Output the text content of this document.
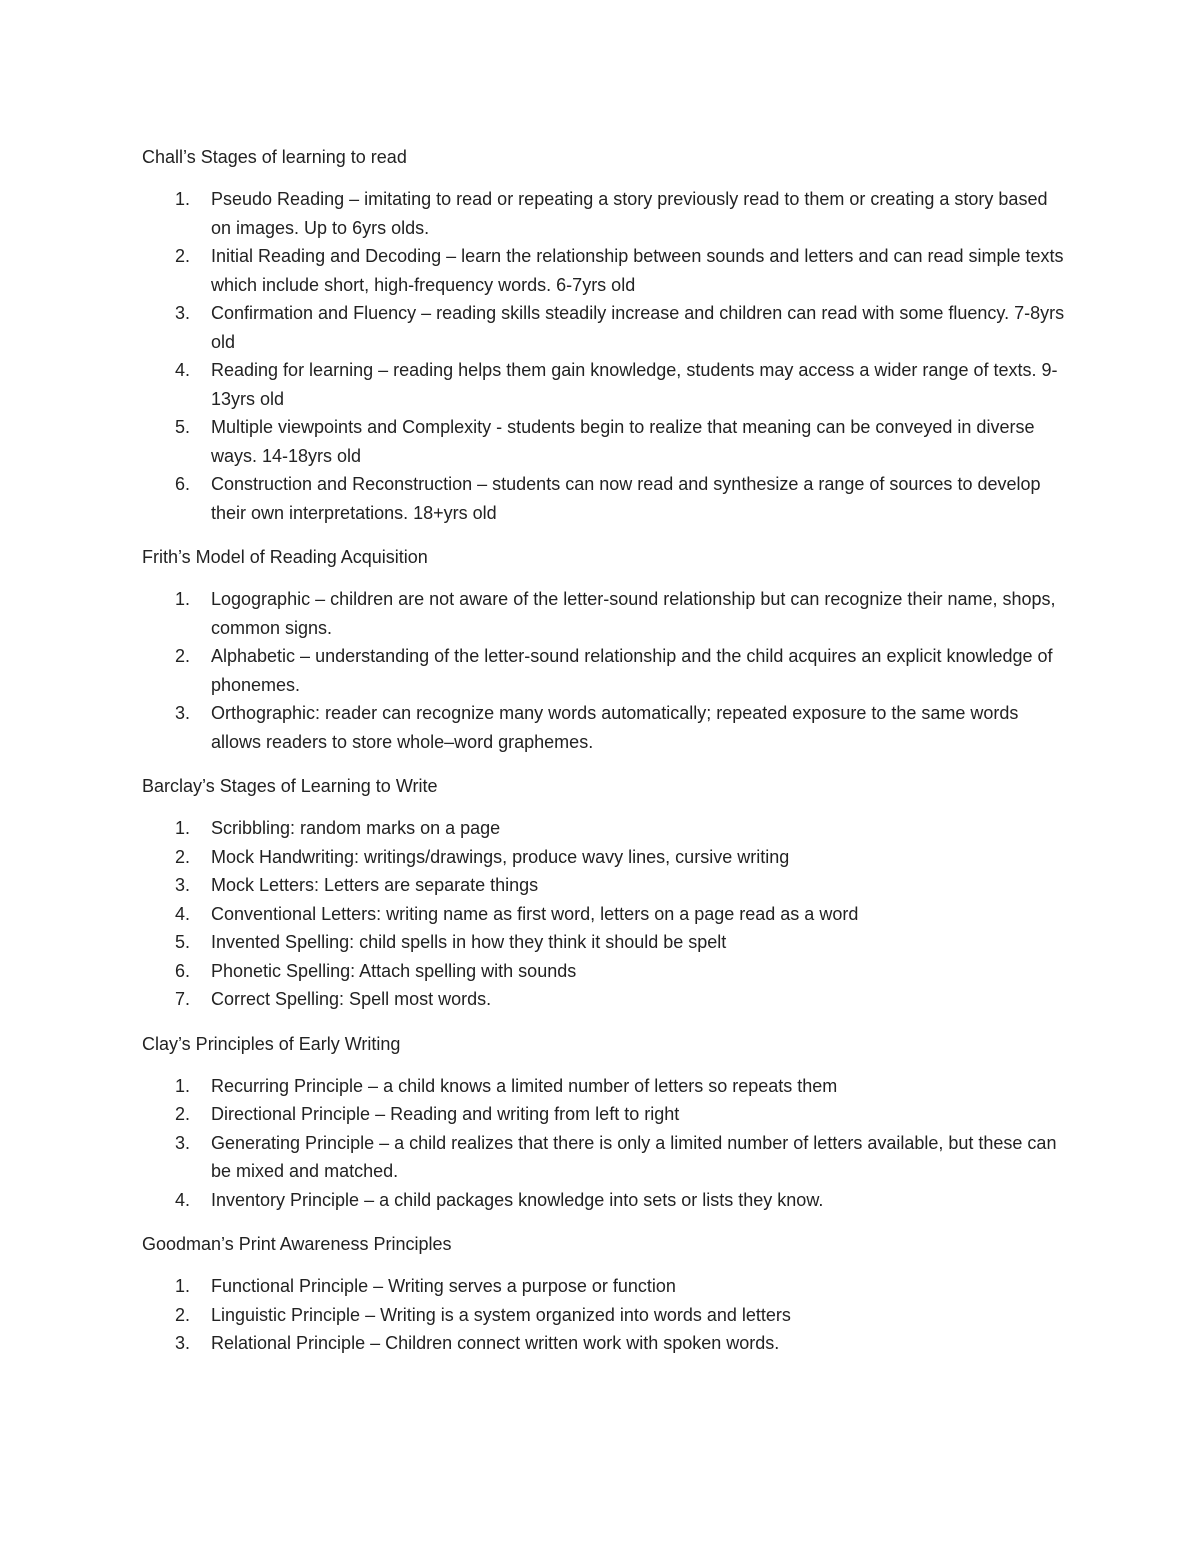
Chall’s Stages of learning to read
1. Pseudo Reading – imitating to read or repeating a story previously read to them or creating a story based on images. Up to 6yrs olds.
2. Initial Reading and Decoding – learn the relationship between sounds and letters and can read simple texts which include short, high-frequency words. 6-7yrs old
3. Confirmation and Fluency – reading skills steadily increase and children can read with some fluency. 7-8yrs old
4. Reading for learning – reading helps them gain knowledge, students may access a wider range of texts. 9-13yrs old
5. Multiple viewpoints and Complexity - students begin to realize that meaning can be conveyed in diverse ways. 14-18yrs old
6. Construction and Reconstruction – students can now read and synthesize a range of sources to develop their own interpretations. 18+yrs old
Frith’s Model of Reading Acquisition
1. Logographic – children are not aware of the letter-sound relationship but can recognize their name, shops, common signs.
2. Alphabetic – understanding of the letter-sound relationship and the child acquires an explicit knowledge of phonemes.
3. Orthographic: reader can recognize many words automatically; repeated exposure to the same words allows readers to store whole–word graphemes.
Barclay’s Stages of Learning to Write
1. Scribbling: random marks on a page
2. Mock Handwriting: writings/drawings, produce wavy lines, cursive writing
3. Mock Letters: Letters are separate things
4. Conventional Letters: writing name as first word, letters on a page read as a word
5. Invented Spelling: child spells in how they think it should be spelt
6. Phonetic Spelling: Attach spelling with sounds
7. Correct Spelling: Spell most words.
Clay’s Principles of Early Writing
1. Recurring Principle – a child knows a limited number of letters so repeats them
2. Directional Principle – Reading and writing from left to right
3. Generating Principle – a child realizes that there is only a limited number of letters available, but these can be mixed and matched.
4. Inventory Principle – a child packages knowledge into sets or lists they know.
Goodman’s Print Awareness Principles
1. Functional Principle – Writing serves a purpose or function
2. Linguistic Principle – Writing is a system organized into words and letters
3. Relational Principle – Children connect written work with spoken words.
